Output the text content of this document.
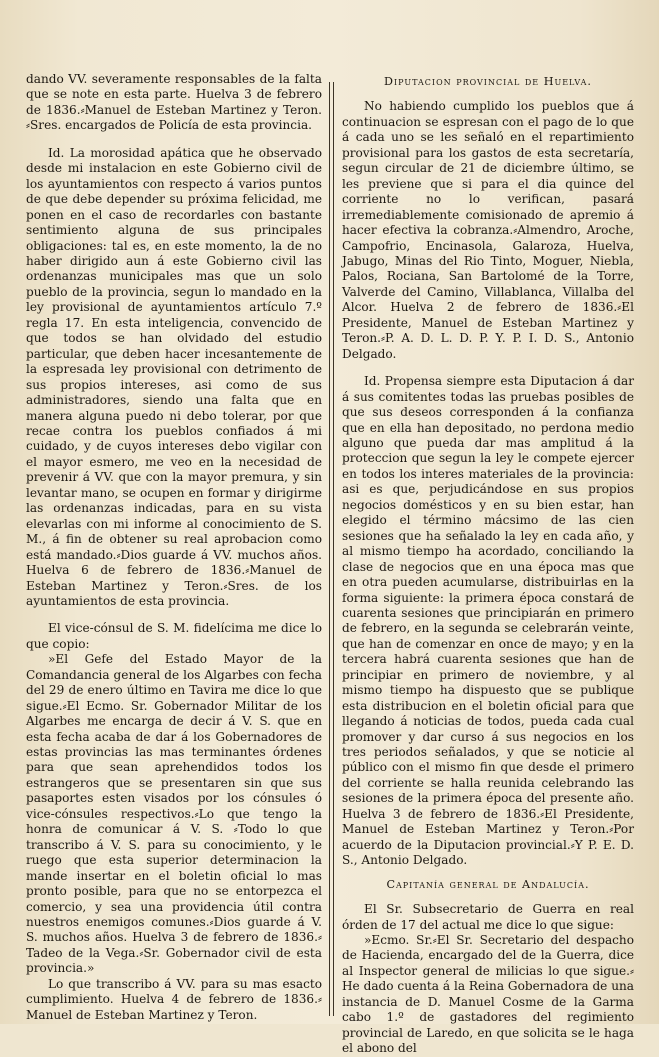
dando VV. severamente responsables de la falta que se note en esta parte. Huelva 3 de febrero de 1836.⸗Manuel de Esteban Martinez y Teron. ⸗Sres. encargados de Policía de esta provincia.

Id. La morosidad apática que he observado desde mi instalacion en este Gobierno civil de los ayuntamientos con respecto á varios puntos de que debe depender su próxima felicidad, me ponen en el caso de recordarles con bastante sentimiento alguna de sus principales obligaciones: tal es, en este momento, la de no haber dirigido aun á este Gobierno civil las ordenanzas municipales mas que un solo pueblo de la provincia, segun lo mandado en la ley provisional de ayuntamientos artículo 7.º regla 17. En esta inteligencia, convencido de que todos se han olvidado del estudio particular, que deben hacer incesantemente de la espresada ley provisional con detrimento de sus propios intereses, asi como de sus administradores, siendo una falta que en manera alguna puedo ni debo tolerar, por que recae contra los pueblos confiados á mi cuidado, y de cuyos intereses debo vigilar con el mayor esmero, me veo en la necesidad de prevenir á VV. que con la mayor premura, y sin levantar mano, se ocupen en formar y dirigirme las ordenanzas indicadas, para en su vista elevarlas con mi informe al conocimiento de S. M., á fin de obtener su real aprobacion como está mandado.⸗Dios guarde á VV. muchos años. Huelva 6 de febrero de 1836.⸗Manuel de Esteban Martinez y Teron.⸗Sres. de los ayuntamientos de esta provincia.

El vice-cónsul de S. M. fidelícima me dice lo que copio:

»El Gefe del Estado Mayor de la Comandancia general de los Algarbes con fecha del 29 de enero último en Tavira me dice lo que sigue.⸗El Ecmo. Sr. Gobernador Militar de los Algarbes me encarga de decir á V. S. que en esta fecha acaba de dar á los Gobernadores de estas provincias las mas terminantes órdenes para que sean aprehendidos todos los estrangeros que se presentaren sin que sus pasaportes esten visados por los cónsules ó vice-cónsules respectivos.⸗Lo que tengo la honra de comunicar á V. S. ⸗Todo lo que transcribo á V. S. para su conocimiento, y le ruego que esta superior determinacion la mande insertar en el boletin oficial lo mas pronto posible, para que no se entorpezca el comercio, y sea una providencia útil contra nuestros enemigos comunes.⸗Dios guarde á V. S. muchos años. Huelva 3 de febrero de 1836.⸗Tadeo de la Vega.⸗Sr. Gobernador civil de esta provincia.»

Lo que transcribo á VV. para su mas esacto cumplimiento. Huelva 4 de febrero de 1836.⸗Manuel de Esteban Martinez y Teron.

Diputacion provincial de Huelva.

No habiendo cumplido los pueblos que á continuacion se espresan con el pago de lo que á cada uno se les señaló en el repartimiento provisional para los gastos de esta secretaría, segun circular de 21 de diciembre último, se les previene que si para el dia quince del corriente no lo verifican, pasará irremediablemente comisionado de apremio á hacer efectiva la cobranza.⸗Almendro, Aroche, Campofrio, Encinasola, Galaroza, Huelva, Jabugo, Minas del Rio Tinto, Moguer, Niebla, Palos, Rociana, San Bartolomé de la Torre, Valverde del Camino, Villablanca, Villalba del Alcor. Huelva 2 de febrero de 1836.⸗El Presidente, Manuel de Esteban Martinez y Teron.⸗P. A. D. L. D. P. Y. P. I. D. S., Antonio Delgado.

Id. Propensa siempre esta Diputacion á dar á sus comitentes todas las pruebas posibles de que sus deseos corresponden á la confianza que en ella han depositado, no perdona medio alguno que pueda dar mas amplitud á la proteccion que segun la ley le compete ejercer en todos los interes materiales de la provincia: asi es que, perjudicándose en sus propios negocios domésticos y en su bien estar, han elegido el término mácsimo de las cien sesiones que ha señalado la ley en cada año, y al mismo tiempo ha acordado, conciliando la clase de negocios que en una época mas que en otra pueden acumularse, distribuirlas en la forma siguiente: la primera época constará de cuarenta sesiones que principiarán en primero de febrero, en la segunda se celebrarán veinte, que han de comenzar en once de mayo; y en la tercera habrá cuarenta sesiones que han de principiar en primero de noviembre, y al mismo tiempo ha dispuesto que se publique esta distribucion en el boletin oficial para que llegando á noticias de todos, pueda cada cual promover y dar curso á sus negocios en los tres periodos señalados, y que se noticie al público con el mismo fin que desde el primero del corriente se halla reunida celebrando las sesiones de la primera época del presente año. Huelva 3 de febrero de 1836.⸗El Presidente, Manuel de Esteban Martinez y Teron.⸗Por acuerdo de la Diputacion provincial.⸗Y P. E. D. S., Antonio Delgado.

Capitanía general de Andalucía.

El Sr. Subsecretario de Guerra en real órden de 17 del actual me dice lo que sigue:

»Ecmo. Sr.⸗El Sr. Secretario del despacho de Hacienda, encargado del de la Guerra, dice al Inspector general de milicias lo que sigue.⸗He dado cuenta á la Reina Gobernadora de una instancia de D. Manuel Cosme de la Garma cabo 1.º de gastadores del regimiento provincial de Laredo, en que solicita se le haga el abono del
